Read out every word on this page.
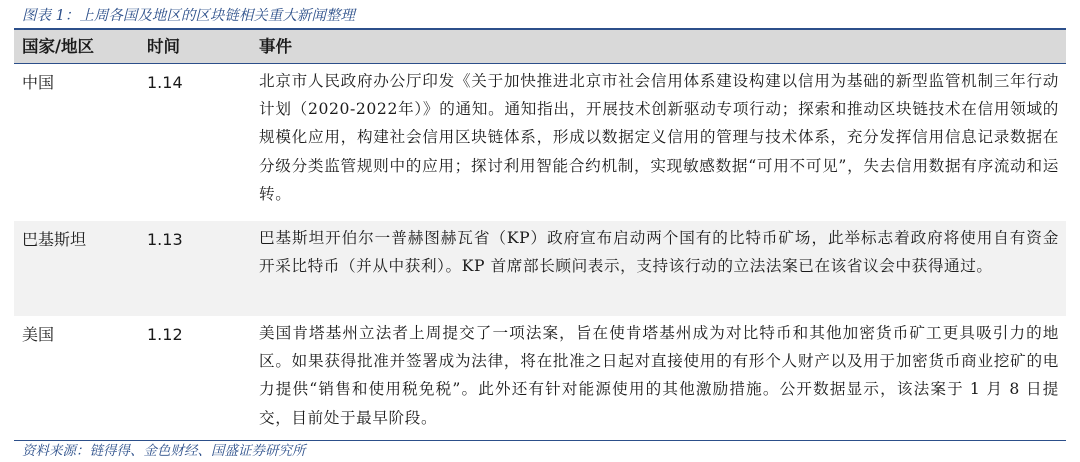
图表 1：上周各国及地区的区块链相关重大新闻整理
国家/地区	时间	事件
中国	1.14	北京市人民政府办公厅印发《关于加快推进北京市社会信用体系建设构建以信用为基础的新型监管机制三年行动计划（2020-2022年）》的通知。通知指出，开展技术创新驱动专项行动；探索和推动区块链技术在信用领域的规模化应用，构建社会信用区块链体系，形成以数据定义信用的管理与技术体系，充分发挥信用信息记录数据在分级分类监管规则中的应用；探讨利用智能合约机制，实现敏感数据“可用不可见”，失去信用数据有序流动和运转。
巴基斯坦	1.13	巴基斯坦开伯尔一普赫图赫瓦省（KP）政府宣布启动两个国有的比特币矿场，此举标志着政府将使用自有资金开采比特币（并从中获利）。KP 首席部长顾问表示，支持该行动的立法法案已在该省议会中获得通过。
美国	1.12	美国肯塔基州立法者上周提交了一项法案，旨在使肯塔基州成为对比特币和其他加密货币矿工更具吸引力的地区。如果获得批准并签署成为法律，将在批准之日起对直接使用的有形个人财产以及用于加密货币商业挖矿的电力提供“销售和使用税免税”。此外还有针对能源使用的其他激励措施。公开数据显示，该法案于 1 月 8 日提交，目前处于最早阶段。
资料来源：链得得、金色财经、国盛证券研究所
